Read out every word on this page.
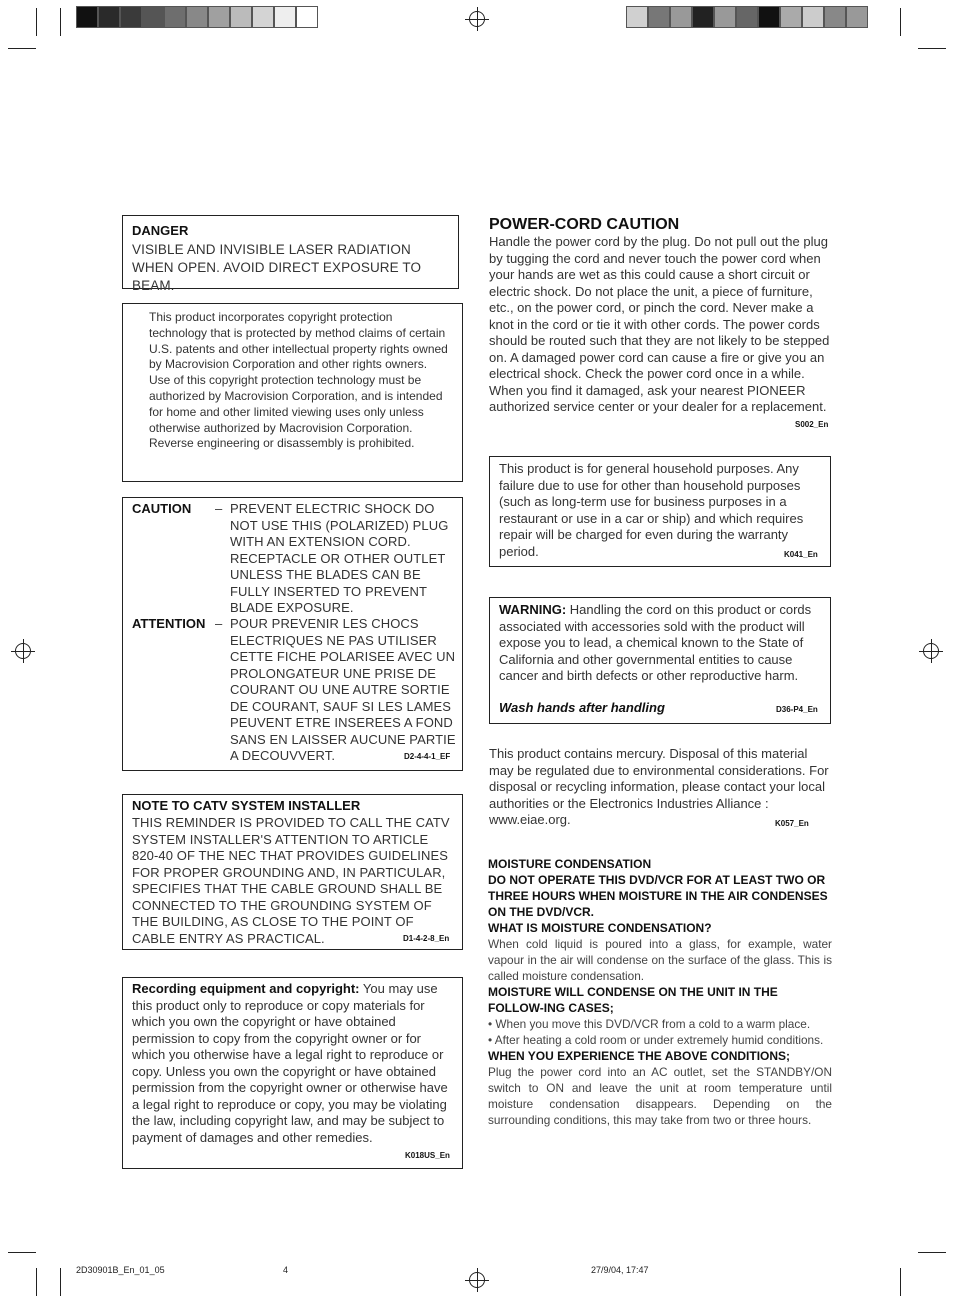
DANGER
VISIBLE AND INVISIBLE LASER RADIATION WHEN OPEN. AVOID DIRECT EXPOSURE TO BEAM.
This product incorporates copyright protection technology that is protected by method claims of certain U.S. patents and other intellectual property rights owned by Macrovision Corporation and other rights owners. Use of this copyright protection technology must be authorized by Macrovision Corporation, and is intended for home and other limited viewing uses only unless otherwise authorized by Macrovision Corporation. Reverse engineering or disassembly is prohibited.
CAUTION – PREVENT ELECTRIC SHOCK DO NOT USE THIS (POLARIZED) PLUG WITH AN EXTENSION CORD. RECEPTACLE OR OTHER OUTLET UNLESS THE BLADES CAN BE FULLY INSERTED TO PREVENT BLADE EXPOSURE.
ATTENTION – POUR PREVENIR LES CHOCS ELECTRIQUES NE PAS UTILISER CETTE FICHE POLARISEE AVEC UN PROLONGATEUR UNE PRISE DE COURANT OU UNE AUTRE SORTIE DE COURANT, SAUF SI LES LAMES PEUVENT ETRE INSEREES A FOND SANS EN LAISSER AUCUNE PARTIE A DECOUVVERT.	D2-4-4-1_EF
NOTE TO CATV SYSTEM INSTALLER
THIS REMINDER IS PROVIDED TO CALL THE CATV SYSTEM INSTALLER'S ATTENTION TO ARTICLE 820-40 OF THE NEC THAT PROVIDES GUIDELINES FOR PROPER GROUNDING AND, IN PARTICULAR, SPECIFIES THAT THE CABLE GROUND SHALL BE CONNECTED TO THE GROUNDING SYSTEM OF THE BUILDING, AS CLOSE TO THE POINT OF CABLE ENTRY AS PRACTICAL.	D1-4-2-8_En
Recording equipment and copyright: You may use this product only to reproduce or copy materials for which you own the copyright or have obtained permission to copy from the copyright owner or for which you otherwise have a legal right to reproduce or copy. Unless you own the copyright or have obtained permission from the copyright owner or otherwise have a legal right to reproduce or copy, you may be violating the law, including copyright law, and may be subject to payment of damages and other remedies.
K018US_En
POWER-CORD CAUTION
Handle the power cord by the plug. Do not pull out the plug by tugging the cord and never touch the power cord when your hands are wet as this could cause a short circuit or electric shock. Do not place the unit, a piece of furniture, etc., on the power cord, or pinch the cord. Never make a knot in the cord or tie it with other cords. The power cords should be routed such that they are not likely to be stepped on. A damaged power cord can cause a fire or give you an electrical shock. Check the power cord once in a while. When you find it damaged, ask your nearest PIONEER authorized service center or your dealer for a replacement.
S002_En
This product is for general household purposes. Any failure due to use for other than household purposes (such as long-term use for business purposes in a restaurant or use in a car or ship) and which requires repair will be charged for even during the warranty period.	K041_En
WARNING: Handling the cord on this product or cords associated with accessories sold with the product will expose you to lead, a chemical known to the State of California and other governmental entities to cause cancer and birth defects or other reproductive harm.
Wash hands after handling	D36-P4_En
This product contains mercury. Disposal of this material may be regulated due to environmental considerations. For disposal or recycling information, please contact your local authorities or the Electronics Industries Alliance : www.eiae.org.	K057_En
MOISTURE CONDENSATION
DO NOT OPERATE THIS DVD/VCR FOR AT LEAST TWO OR THREE HOURS WHEN MOISTURE IN THE AIR CONDENSES ON THE DVD/VCR.
WHAT IS MOISTURE CONDENSATION?
When cold liquid is poured into a glass, for example, water vapour in the air will condense on the surface of the glass. This is called moisture condensation.
MOISTURE WILL CONDENSE ON THE UNIT IN THE FOLLOW-ING CASES;
• When you move this DVD/VCR from a cold to a warm place.
• After heating a cold room or under extremely humid conditions.
WHEN YOU EXPERIENCE THE ABOVE CONDITIONS;
Plug the power cord into an AC outlet, set the STANDBY/ON switch to ON and leave the unit at room temperature until moisture condensation disappears. Depending on the surrounding conditions, this may take from two or three hours.
2D30901B_En_01_05	4	27/9/04, 17:47
